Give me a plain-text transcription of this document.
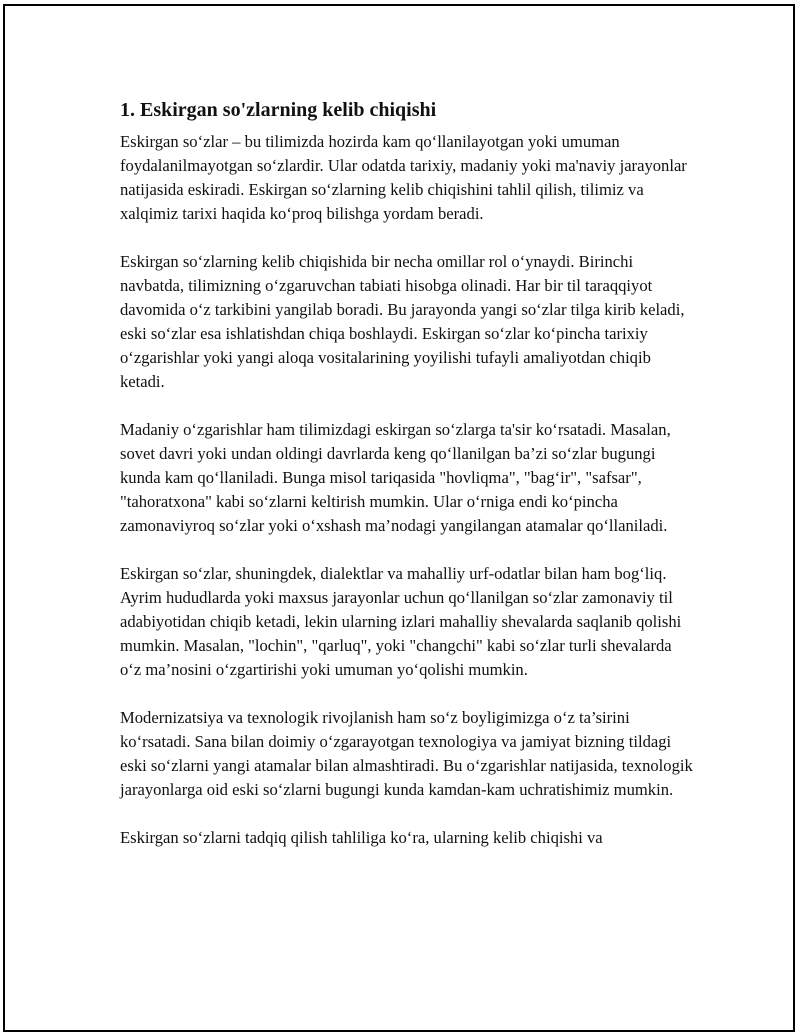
1. Eskirgan so'zlarning kelib chiqishi

Eskirgan so‘zlar – bu tilimizda hozirda kam qo‘llanilayotgan yoki umuman foydalanilmayotgan so‘zlardir. Ular odatda tarixiy, madaniy yoki ma'naviy jarayonlar natijasida eskiradi. Eskirgan so‘zlarning kelib chiqishini tahlil qilish, tilimiz va xalqimiz tarixi haqida ko‘proq bilishga yordam beradi.

Eskirgan so‘zlarning kelib chiqishida bir necha omillar rol o‘ynaydi. Birinchi navbatda, tilimizning o‘zgaruvchan tabiati hisobga olinadi. Har bir til taraqqiyot davomida o‘z tarkibini yangilab boradi. Bu jarayonda yangi so‘zlar tilga kirib keladi, eski so‘zlar esa ishlatishdan chiqa boshlaydi. Eskirgan so‘zlar ko‘pincha tarixiy o‘zgarishlar yoki yangi aloqa vositalarining yoyilishi tufayli amaliyotdan chiqib ketadi.

Madaniy o‘zgarishlar ham tilimizdagi eskirgan so‘zlarga ta'sir ko‘rsatadi. Masalan, sovet davri yoki undan oldingi davrlarda keng qo‘llanilgan ba’zi so‘zlar bugungi kunda kam qo‘llaniladi. Bunga misol tariqasida "hovliqma", "bag‘ir", "safsar", "tahoratxona" kabi so‘zlarni keltirish mumkin. Ular o‘rniga endi ko‘pincha zamonaviyroq so‘zlar yoki o‘xshash ma’nodagi yangilangan atamalar qo‘llaniladi.

Eskirgan so‘zlar, shuningdek, dialektlar va mahalliy urf-odatlar bilan ham bog‘liq. Ayrim hududlarda yoki maxsus jarayonlar uchun qo‘llanilgan so‘zlar zamonaviy til adabiyotidan chiqib ketadi, lekin ularning izlari mahalliy shevalarda saqlanib qolishi mumkin. Masalan, "lochin", "qarluq", yoki "changchi" kabi so‘zlar turli shevalarda o‘z ma’nosini o‘zgartirishi yoki umuman yo‘qolishi mumkin.

Modernizatsiya va texnologik rivojlanish ham so‘z boyligimizga o‘z ta’sirini ko‘rsatadi. Sana bilan doimiy o‘zgarayotgan texnologiya va jamiyat bizning tildagi eski so‘zlarni yangi atamalar bilan almashtiradi. Bu o‘zgarishlar natijasida, texnologik jarayonlarga oid eski so‘zlarni bugungi kunda kamdan-kam uchratishimiz mumkin.

Eskirgan so‘zlarni tadqiq qilish tahliliga ko‘ra, ularning kelib chiqishi va
